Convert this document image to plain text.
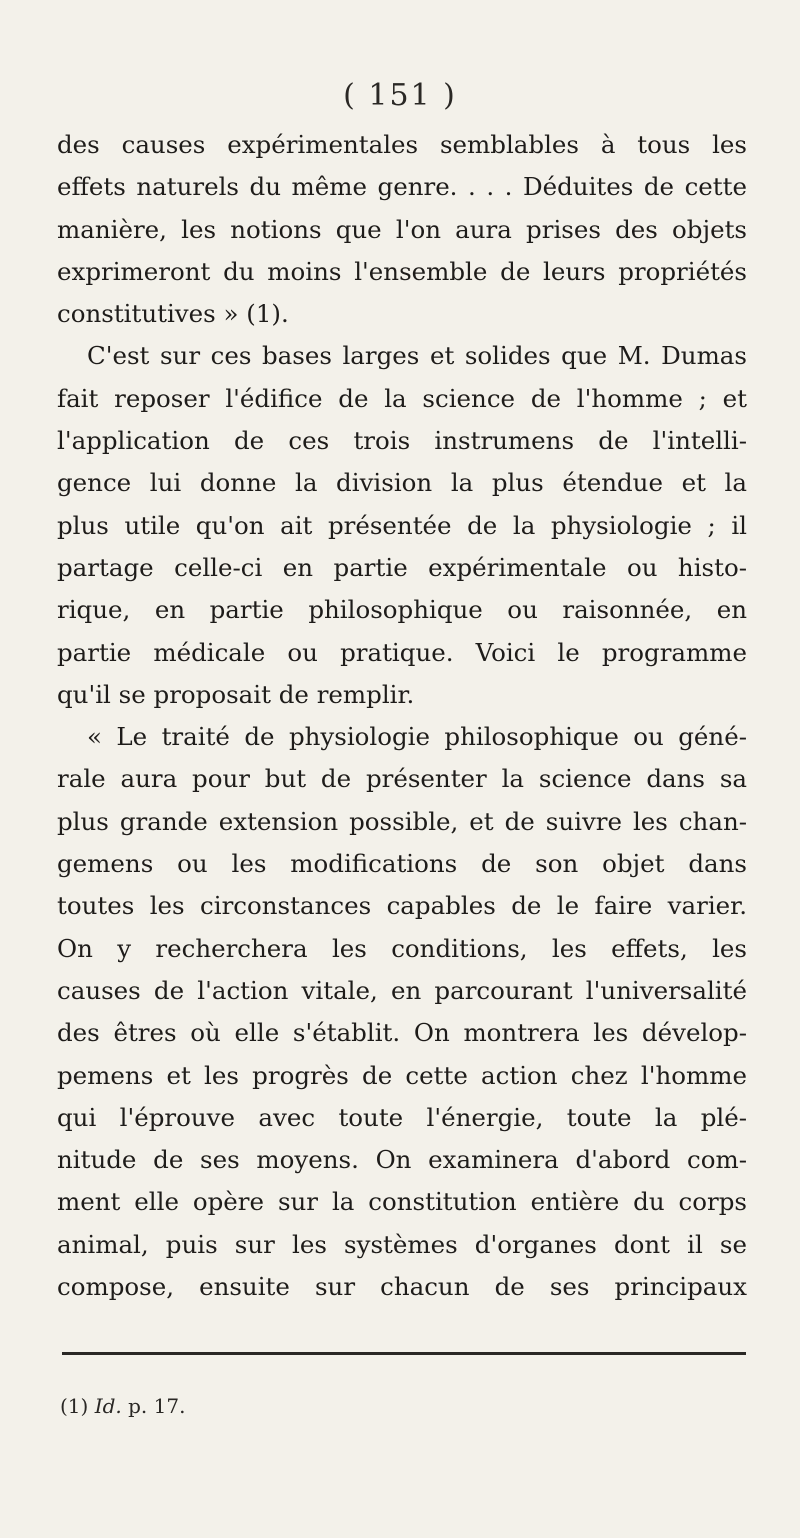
( 151 )
des causes expérimentales semblables à tous les
effets naturels du même genre. . . . Déduites de cette
manière, les notions que l'on aura prises des objets
exprimeront du moins l'ensemble de leurs propriétés
constitutives » (1).
C'est sur ces bases larges et solides que M. Dumas
fait reposer l'édifice de la science de l'homme ; et
l'application de ces trois instrumens de l'intelli-
gence lui donne la division la plus étendue et la
plus utile qu'on ait présentée de la physiologie ; il
partage celle-ci en partie expérimentale ou histo-
rique, en partie philosophique ou raisonnée, en
partie médicale ou pratique. Voici le programme
qu'il se proposait de remplir.
« Le traité de physiologie philosophique ou géné-
rale aura pour but de présenter la science dans sa
plus grande extension possible, et de suivre les chan-
gemens ou les modifications de son objet dans
toutes les circonstances capables de le faire varier.
On y recherchera les conditions, les effets, les
causes de l'action vitale, en parcourant l'universalité
des êtres où elle s'établit. On montrera les dévelop-
pemens et les progrès de cette action chez l'homme
qui l'éprouve avec toute l'énergie, toute la plé-
nitude de ses moyens. On examinera d'abord com-
ment elle opère sur la constitution entière du corps
animal, puis sur les systèmes d'organes dont il se
compose, ensuite sur chacun de ses principaux
(1) Id. p. 17.
